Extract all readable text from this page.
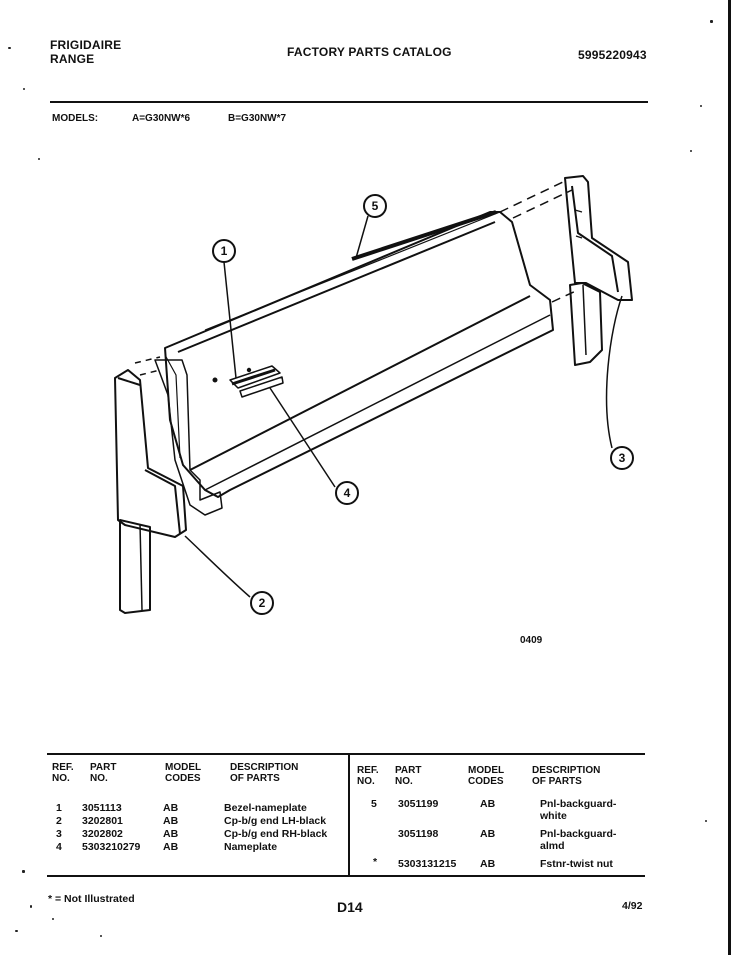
FRIGIDAIRE
RANGE	FACTORY PARTS CATALOG	5995220943
MODELS:	A=G30NW*6	B=G30NW*7
1
2
3
4
5
0409
REF.
NO.
PART
NO.
MODEL
CODES
DESCRIPTION
OF PARTS
REF.
NO.
PART
NO.
MODEL
CODES
DESCRIPTION
OF PARTS
1 3051113	AB	Bezel-nameplate
2 3202801	AB	Cp-b/g end LH-black
3 3202802	AB	Cp-b/g end RH-black
4 5303210279 AB	Nameplate
5 3051199	AB	Pnl-backguard-
white
3051198	AB	Pnl-backguard-
almd
* 5303131215 AB	Fstnr-twist nut
* = Not Illustrated	D14	4/92
